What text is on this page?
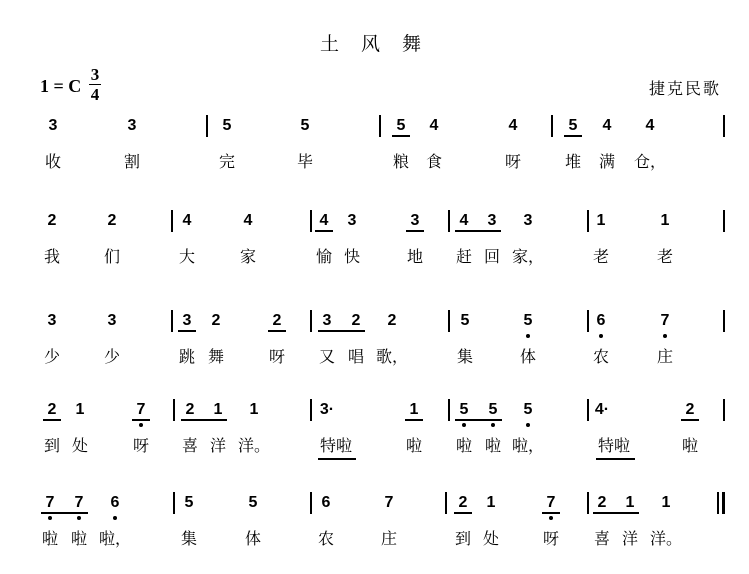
土 风 舞
1 = C $\frac{3}{4}$	捷克民歌
3	3	5	5	5 4	4	5 4 4
收	割	完	毕	粮 食	呀	堆 满 仓，
2	2	4	4	4 3	3	4 3 3	1	1
我	们	大	家	愉 快	地 赶 回 家，	老	老
3	3	3 2	2	3 2 2	5	5	6	7
少	少	跳 舞	呀 又 唱 歌，	集	体	农	庄
2 1	7	2 1 1	3·	1	5 5 5	4·	2
到 处	呀 喜 洋 洋。	特啦	啦 啦 啦 啦，	特啦	啦
7 7 6	5	5	6	7	2 1	7	2 1 1
啦 啦 啦，	集	体	农	庄	到 处	呀 喜 洋 洋。
